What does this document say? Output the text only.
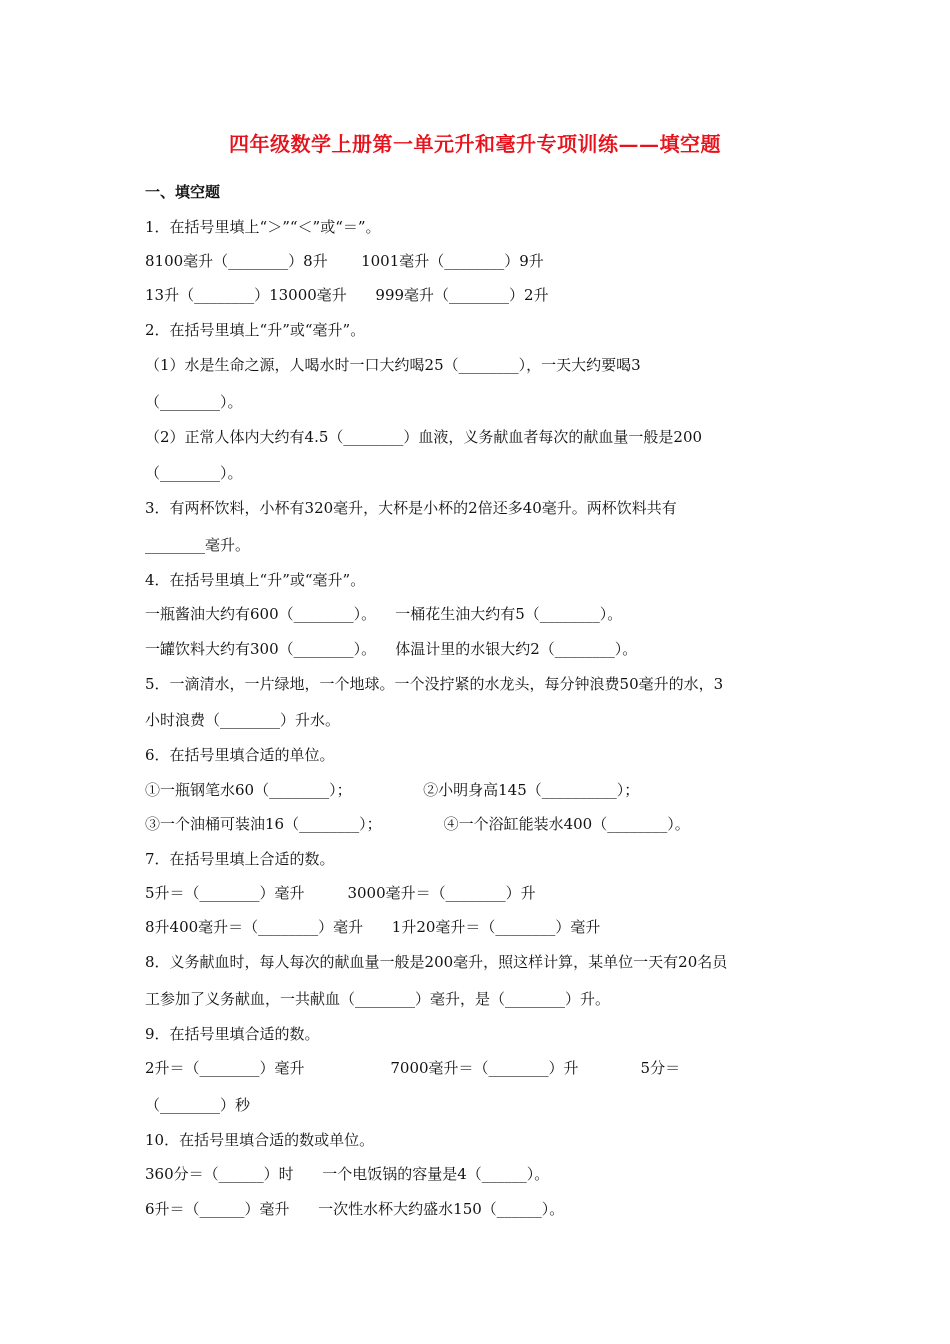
四年级数学上册第一单元升和毫升专项训练——填空题
一、填空题
1．在括号里填上“＞”“＜”或“＝”。
8100毫升（________）8升       1001毫升（________）9升
13升（________）13000毫升      999毫升（________）2升
2．在括号里填上“升”或“毫升”。
（1）水是生命之源，人喝水时一口大约喝25（________），一天大约要喝3
（________）。
（2）正常人体内大约有4.5（________）血液，义务献血者每次的献血量一般是200
（________）。
3．有两杯饮料，小杯有320毫升，大杯是小杯的2倍还多40毫升。两杯饮料共有
________毫升。
4．在括号里填上“升”或“毫升”。
一瓶酱油大约有600（________）。    一桶花生油大约有5（________）。
一罐饮料大约有300（________）。    体温计里的水银大约2（________）。
5．一滴清水，一片绿地，一个地球。一个没拧紧的水龙头，每分钟浪费50毫升的水，3
小时浪费（________）升水。
6．在括号里填合适的单位。
①一瓶钢笔水60（________）；               ②小明身高145（__________）；
③一个油桶可装油16（________）；             ④一个浴缸能装水400（________）。
7．在括号里填上合适的数。
5升＝（________）毫升         3000毫升＝（________）升
8升400毫升＝（________）毫升      1升20毫升＝（________）毫升
8．义务献血时，每人每次的献血量一般是200毫升，照这样计算，某单位一天有20名员
工参加了义务献血，一共献血（________）毫升，是（________）升。
9．在括号里填合适的数。
2升＝（________）毫升                  7000毫升＝（________）升             5分＝
（________）秒
10．在括号里填合适的数或单位。
360分＝（______）时      一个电饭锅的容量是4（______）。
6升＝（______）毫升      一次性水杯大约盛水150（______）。
